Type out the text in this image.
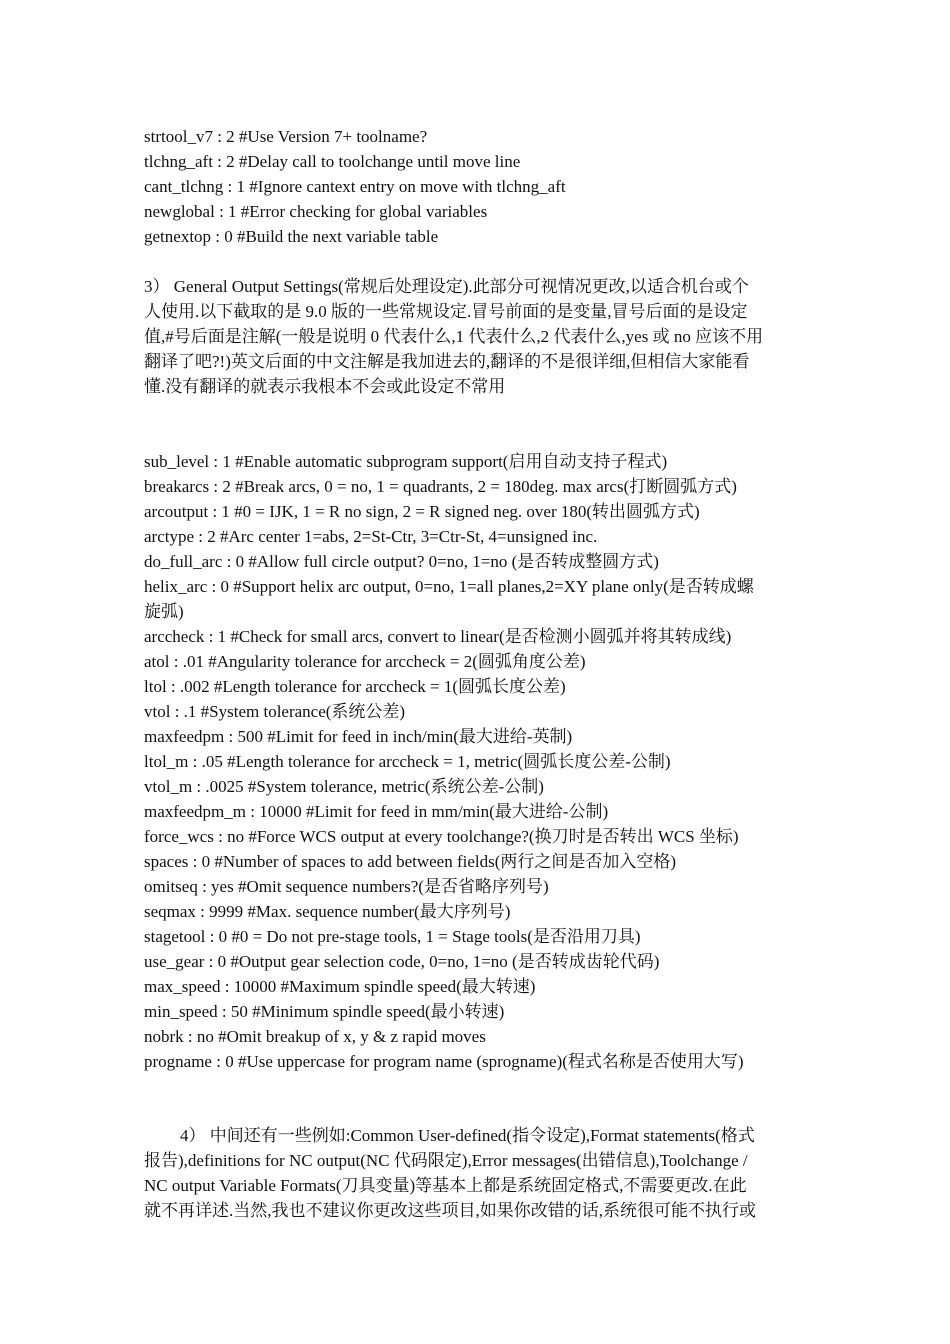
strtool_v7 : 2 #Use Version 7+ toolname?
tlchng_aft : 2 #Delay call to toolchange until move line
cant_tlchng : 1 #Ignore cantext entry on move with tlchng_aft
newglobal : 1 #Error checking for global variables
getnextop : 0 #Build the next variable table
3） General Output Settings(常规后处理设定).此部分可视情况更改,以适合机台或个
人使用.以下截取的是 9.0 版的一些常规设定.冒号前面的是变量,冒号后面的是设定
值,#号后面是注解(一般是说明 0 代表什么,1 代表什么,2 代表什么,yes 或 no 应该不用
翻译了吧?!)英文后面的中文注解是我加进去的,翻译的不是很详细,但相信大家能看
懂.没有翻译的就表示我根本不会或此设定不常用
sub_level : 1 #Enable automatic subprogram support(启用自动支持子程式)
breakarcs : 2 #Break arcs, 0 = no, 1 = quadrants, 2 = 180deg. max arcs(打断圆弧方式)
arcoutput : 1 #0 = IJK, 1 = R no sign, 2 = R signed neg. over 180(转出圆弧方式)
arctype : 2 #Arc center 1=abs, 2=St-Ctr, 3=Ctr-St, 4=unsigned inc.
do_full_arc : 0 #Allow full circle output? 0=no, 1=no (是否转成整圆方式)
helix_arc : 0 #Support helix arc output, 0=no, 1=all planes,2=XY plane only(是否转成螺
旋弧)
arccheck : 1 #Check for small arcs, convert to linear(是否检测小圆弧并将其转成线)
atol : .01 #Angularity tolerance for arccheck = 2(圆弧角度公差)
ltol : .002 #Length tolerance for arccheck = 1(圆弧长度公差)
vtol : .1 #System tolerance(系统公差)
maxfeedpm : 500 #Limit for feed in inch/min(最大进给-英制)
ltol_m : .05 #Length tolerance for arccheck = 1, metric(圆弧长度公差-公制)
vtol_m : .0025 #System tolerance, metric(系统公差-公制)
maxfeedpm_m : 10000 #Limit for feed in mm/min(最大进给-公制)
force_wcs : no #Force WCS output at every toolchange?(换刀时是否转出 WCS 坐标)
spaces : 0 #Number of spaces to add between fields(两行之间是否加入空格)
omitseq : yes #Omit sequence numbers?(是否省略序列号)
seqmax : 9999 #Max. sequence number(最大序列号)
stagetool : 0 #0 = Do not pre-stage tools, 1 = Stage tools(是否沿用刀具)
use_gear : 0 #Output gear selection code, 0=no, 1=no (是否转成齿轮代码)
max_speed : 10000 #Maximum spindle speed(最大转速)
min_speed : 50 #Minimum spindle speed(最小转速)
nobrk : no #Omit breakup of x, y & z rapid moves
progname : 0 #Use uppercase for program name (sprogname)(程式名称是否使用大写)
4） 中间还有一些例如:Common User-defined(指令设定),Format statements(格式
报告),definitions for NC output(NC 代码限定),Error messages(出错信息),Toolchange /
NC output Variable Formats(刀具变量)等基本上都是系统固定格式,不需要更改.在此
就不再详述.当然,我也不建议你更改这些项目,如果你改错的话,系统很可能不执行或
